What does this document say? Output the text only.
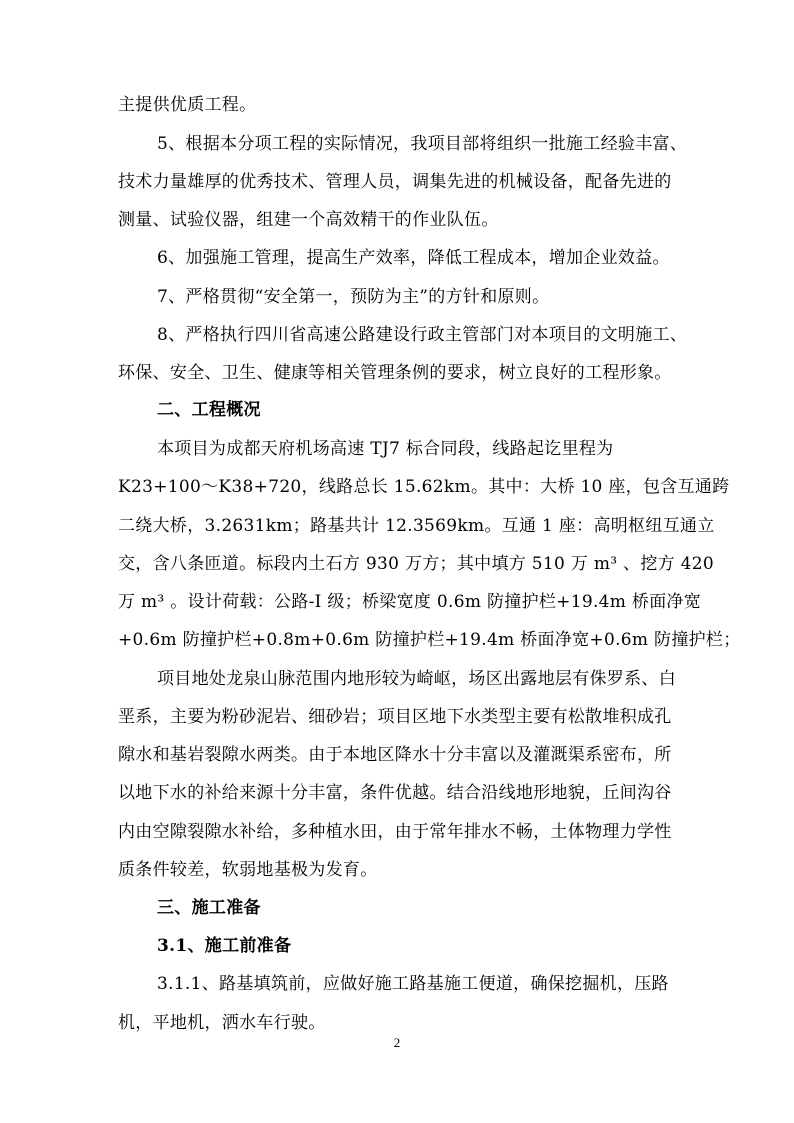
主提供优质工程。
5、根据本分项工程的实际情况，我项目部将组织一批施工经验丰富、
技术力量雄厚的优秀技术、管理人员，调集先进的机械设备，配备先进的
测量、试验仪器，组建一个高效精干的作业队伍。
6、加强施工管理，提高生产效率，降低工程成本，增加企业效益。
7、严格贯彻“安全第一，预防为主”的方针和原则。
8、严格执行四川省高速公路建设行政主管部门对本项目的文明施工、
环保、安全、卫生、健康等相关管理条例的要求，树立良好的工程形象。
二、工程概况
本项目为成都天府机场高速 TJ7 标合同段，线路起讫里程为
K23+100～K38+720，线路总长 15.62km。其中：大桥 10 座，包含互通跨
二绕大桥，3.2631km；路基共计 12.3569km。互通 1 座：高明枢纽互通立
交，含八条匝道。标段内土石方 930 万方；其中填方 510 万 m³ 、挖方 420
万 m³ 。设计荷载：公路-I 级；桥梁宽度 0.6m 防撞护栏+19.4m 桥面净宽
+0.6m 防撞护栏+0.8m+0.6m 防撞护栏+19.4m 桥面净宽+0.6m 防撞护栏；
项目地处龙泉山脉范围内地形较为崎岖，场区出露地层有侏罗系、白
垩系，主要为粉砂泥岩、细砂岩；项目区地下水类型主要有松散堆积成孔
隙水和基岩裂隙水两类。由于本地区降水十分丰富以及灌溉渠系密布，所
以地下水的补给来源十分丰富，条件优越。结合沿线地形地貌，丘间沟谷
内由空隙裂隙水补给，多种植水田，由于常年排水不畅，土体物理力学性
质条件较差，软弱地基极为发育。
三、施工准备
3.1、施工前准备
3.1.1、路基填筑前，应做好施工路基施工便道，确保挖掘机，压路
机，平地机，洒水车行驶。
2
